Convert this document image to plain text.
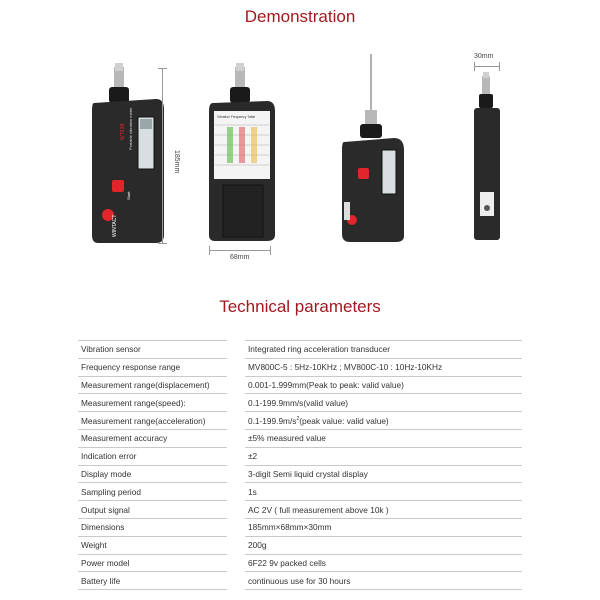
Demonstration
WT63B Portable vibration meter
Start
WINTACT
185mm
Vibration Frequency Table
68mm
30mm
Technical parameters
Vibration sensor		Integrated ring acceleration transducer
Frequency response range		MV800C-5 : 5Hz-10KHz ; MV800C-10 : 10Hz-10KHz
Measurement range(displacement)		0.001-1.999mm(Peak to peak: valid value)
Measurement range(speed):		0.1-199.9mm/s(valid value)
Measurement range(acceleration)		$0.1-199.9m/s^2(peak$ value: valid value)
Measurement accuracy		±5% measured value
Indication error		±2
Display mode		3-digit Semi liquid crystal display
Sampling period		1s
Output signal		AC 2V ( full measurement above 10k )
Dimensions		185mm×68mm×30mm
Weight		200g
Power model		6F22 9v packed cells
Battery life		continuous use for 30 hours
